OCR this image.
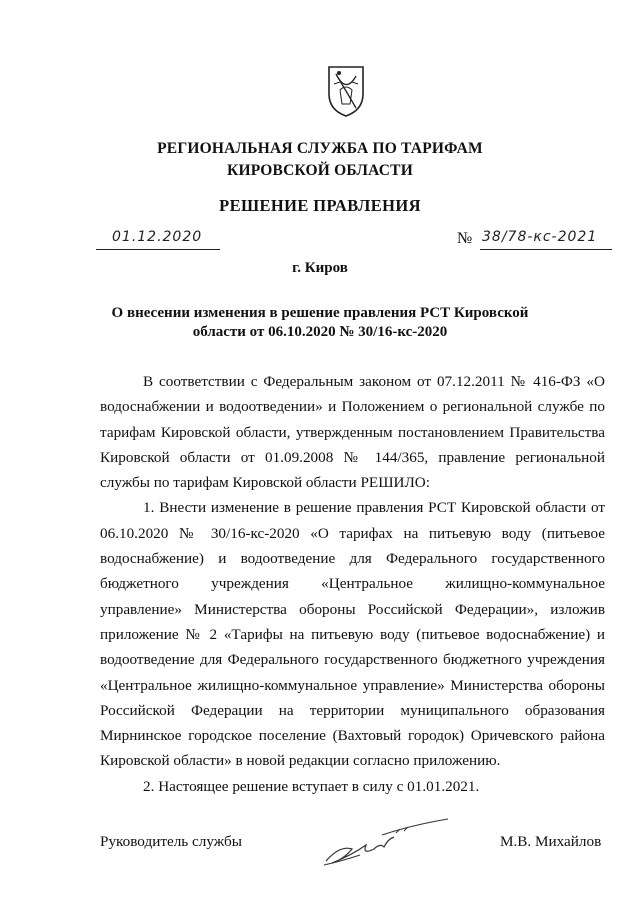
РЕГИОНАЛЬНАЯ СЛУЖБА ПО ТАРИФАМ
КИРОВСКОЙ ОБЛАСТИ
РЕШЕНИЕ ПРАВЛЕНИЯ
01.12.2020	№ 38/78-кс-2021
г. Киров
О внесении изменения в решение правления РСТ Кировской
области от 06.10.2020 № 30/16-кс-2020

В соответствии с Федеральным законом от 07.12.2011 № 416-ФЗ «О водоснабжении и водоотведении» и Положением о региональной службе по тарифам Кировской области, утвержденным постановлением Правительства Кировской области от 01.09.2008 № 144/365, правление региональной службы по тарифам Кировской области РЕШИЛО:

1. Внести изменение в решение правления РСТ Кировской области от 06.10.2020 № 30/16-кс-2020 «О тарифах на питьевую воду (питьевое водоснабжение) и водоотведение для Федерального государственного бюджетного учреждения «Центральное жилищно-коммунальное управление» Министерства обороны Российской Федерации», изложив приложение № 2 «Тарифы на питьевую воду (питьевое водоснабжение) и водоотведение для Федерального государственного бюджетного учреждения «Центральное жилищно-коммунальное управление» Министерства обороны Российской Федерации на территории муниципального образования Мирнинское городское поселение (Вахтовый городок) Оричевского района Кировской области» в новой редакции согласно приложению.

2. Настоящее решение вступает в силу с 01.01.2021.

Руководитель службы	М.В. Михайлов
